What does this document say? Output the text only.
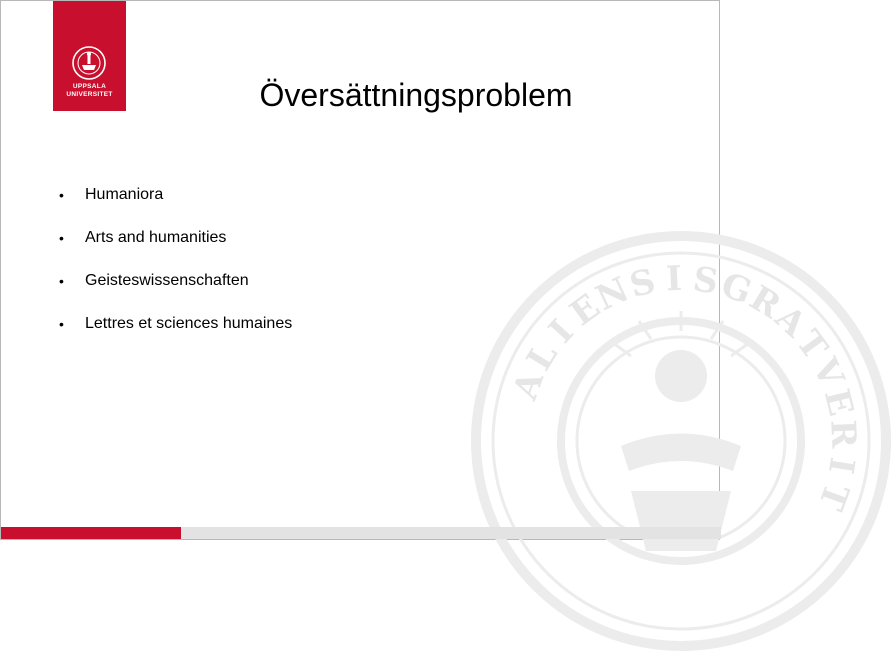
UPPSALA
UNIVERSITET	Översättningsproblem
•	Humaniora
•	Arts and humanities
•	Geisteswissenschaften
•	Lettres et sciences humaines
A
L
I
E
N
S I S
G
R
A
T
V
E
R
I
T
